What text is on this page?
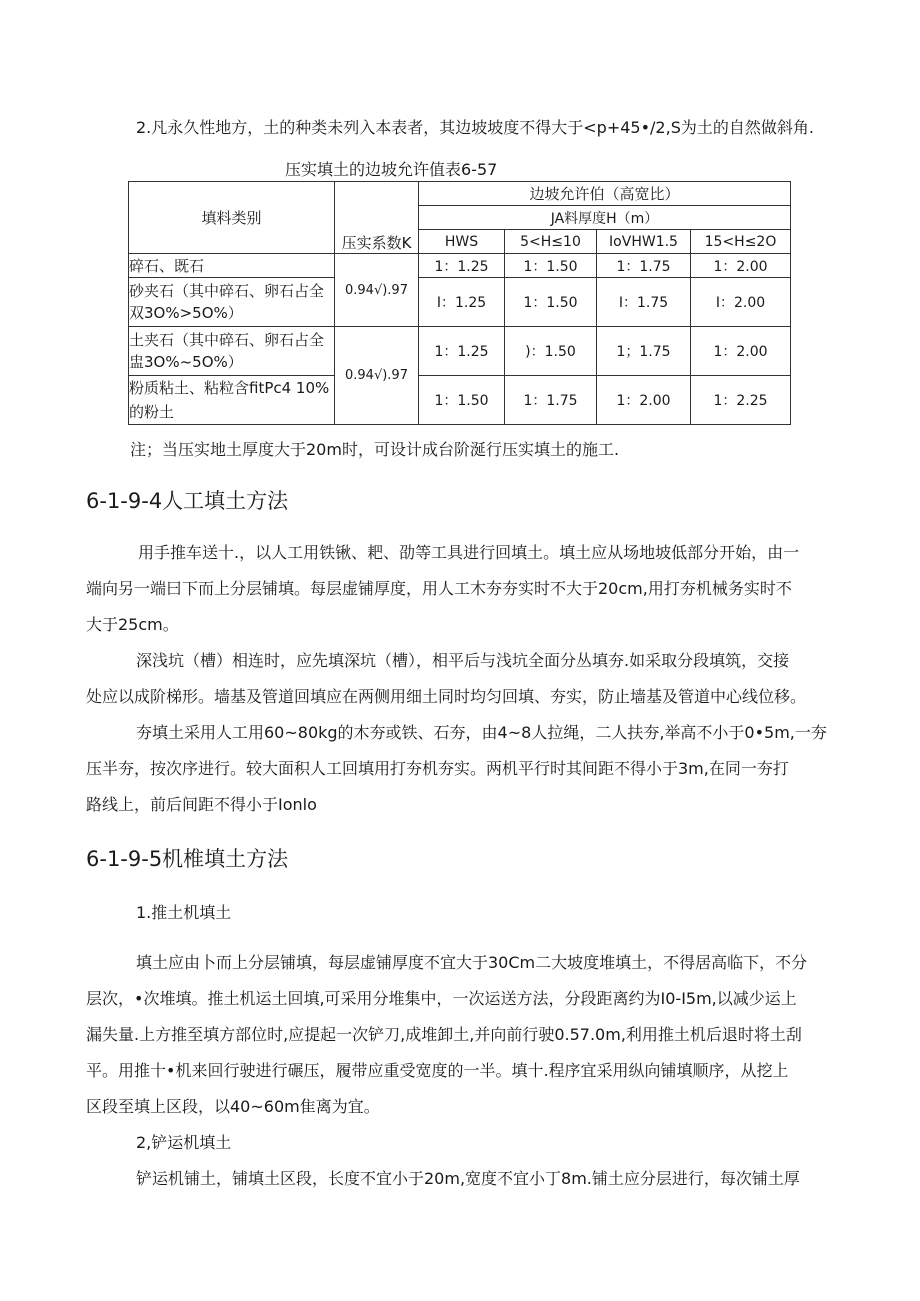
2.凡永久性地方，土的种类未列入本表者，其边坡坡度不得大于<p+45•/2,S为土的自然做斜角.
压实填土的边坡允许值表6-57
填料类别	压实系数K	边坡允许伯（高宽比）			
		JA料厚度H（m）			
		HWS	5<H≤10	IoVHW1.5	15<H≤2O
碎石、既石	0.94√).97	1：1.25	1：1.50	1：1.75	1：2.00
砂夹石（其中碎石、卵石占全双3O%>5O%）		I：1.25	1：1.50	I：1.75	I：2.00
土夹石（其中碎石、卵石占全盅3O%~5O%）	0.94√).97	1：1.25	)：1.50	1；1.75	1：2.00

粉质粘土、粘粒含fitPc4 10%的粉土		1：1.50	1：1.75	1：2.00	1：2.25
注；当压实地土厚度大于20m时，可设计成台阶涎行压实填土的施工.
6-1-9-4人工填土方法
用手推车送十.，以人工用铁锹、耙、劭等工具进行回填土。填土应从场地坡低部分开始，由一
端向另一端曰下而上分层铺填。每层虚铺厚度，用人工木夯夯实时不大于20cm,用打夯机械务实时不
大于25cm。
深浅坑（槽）相连时，应先填深坑（槽），相平后与浅坑全面分丛填夯.如采取分段填筑，交接
处应以成阶梯形。墙基及管道回填应在两侧用细土同时均匀回填、夯实，防止墙基及管道中心线位移。
夯填土采用人工用60~80kg的木夯或铁、石夯，由4~8人拉绳，二人扶夯,举高不小于0•5m,一夯
压半夯，按次序进行。较大面积人工回填用打夯机夯实。两机平行时其间距不得小于3m,在同一夯打
路线上，前后间距不得小于Ionlo
6-1-9-5机椎填土方法
1.推土机填土
填土应由卜而上分层铺填，每层虚铺厚度不宜大于30Cm二大坡度堆填土，不得居高临下，不分
层次，•次堆填。推土机运土回填,可采用分堆集中，一次运送方法，分段距离约为I0-I5m,以减少运上
漏失量.上方推至填方部位时,应提起一次铲刀,成堆卸土,并向前行驶0.57.0m,利用推土机后退时将土刮
平。用推十•机来回行驶进行碾压，履带应重受宽度的一半。填十.程序宜采用纵向铺填顺序，从挖上
区段至填上区段，以40~60m隹离为宜。
2,铲运机填土
铲运机铺土，铺填土区段，长度不宜小于20m,宽度不宜小丁8m.铺土应分层进行，每次铺土厚
